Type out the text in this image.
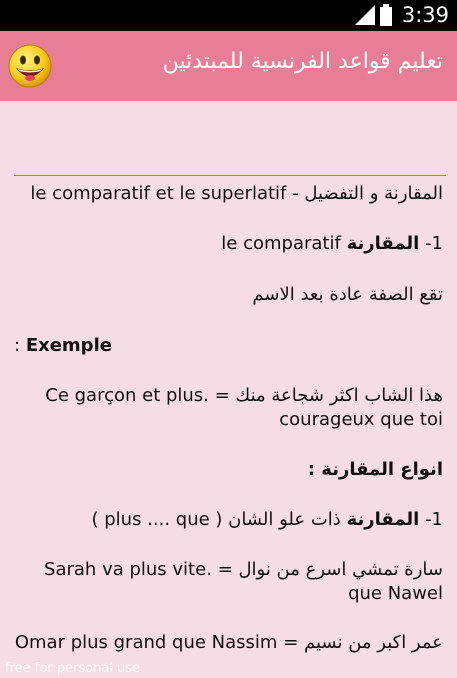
3:39
تعليم قواعد الفرنسية للمبتدئين
المقارنة و التفضيل - le comparatif et le superlatif
1- المقارنة le comparatif
تقع الصفة عادة بعد الاسم
: Exemple
هذا الشاب اكثر شجاعة منك = Ce garçon et plus. courageux que toi
انواع المقارنة :
1- المقارنة ذات علو الشان ( plus .... que )
سارة تمشي اسرع من نوال = Sarah va plus vite. que Nawel
عمر اكبر من نسيم = Omar plus grand que Nassim
free for personal use
